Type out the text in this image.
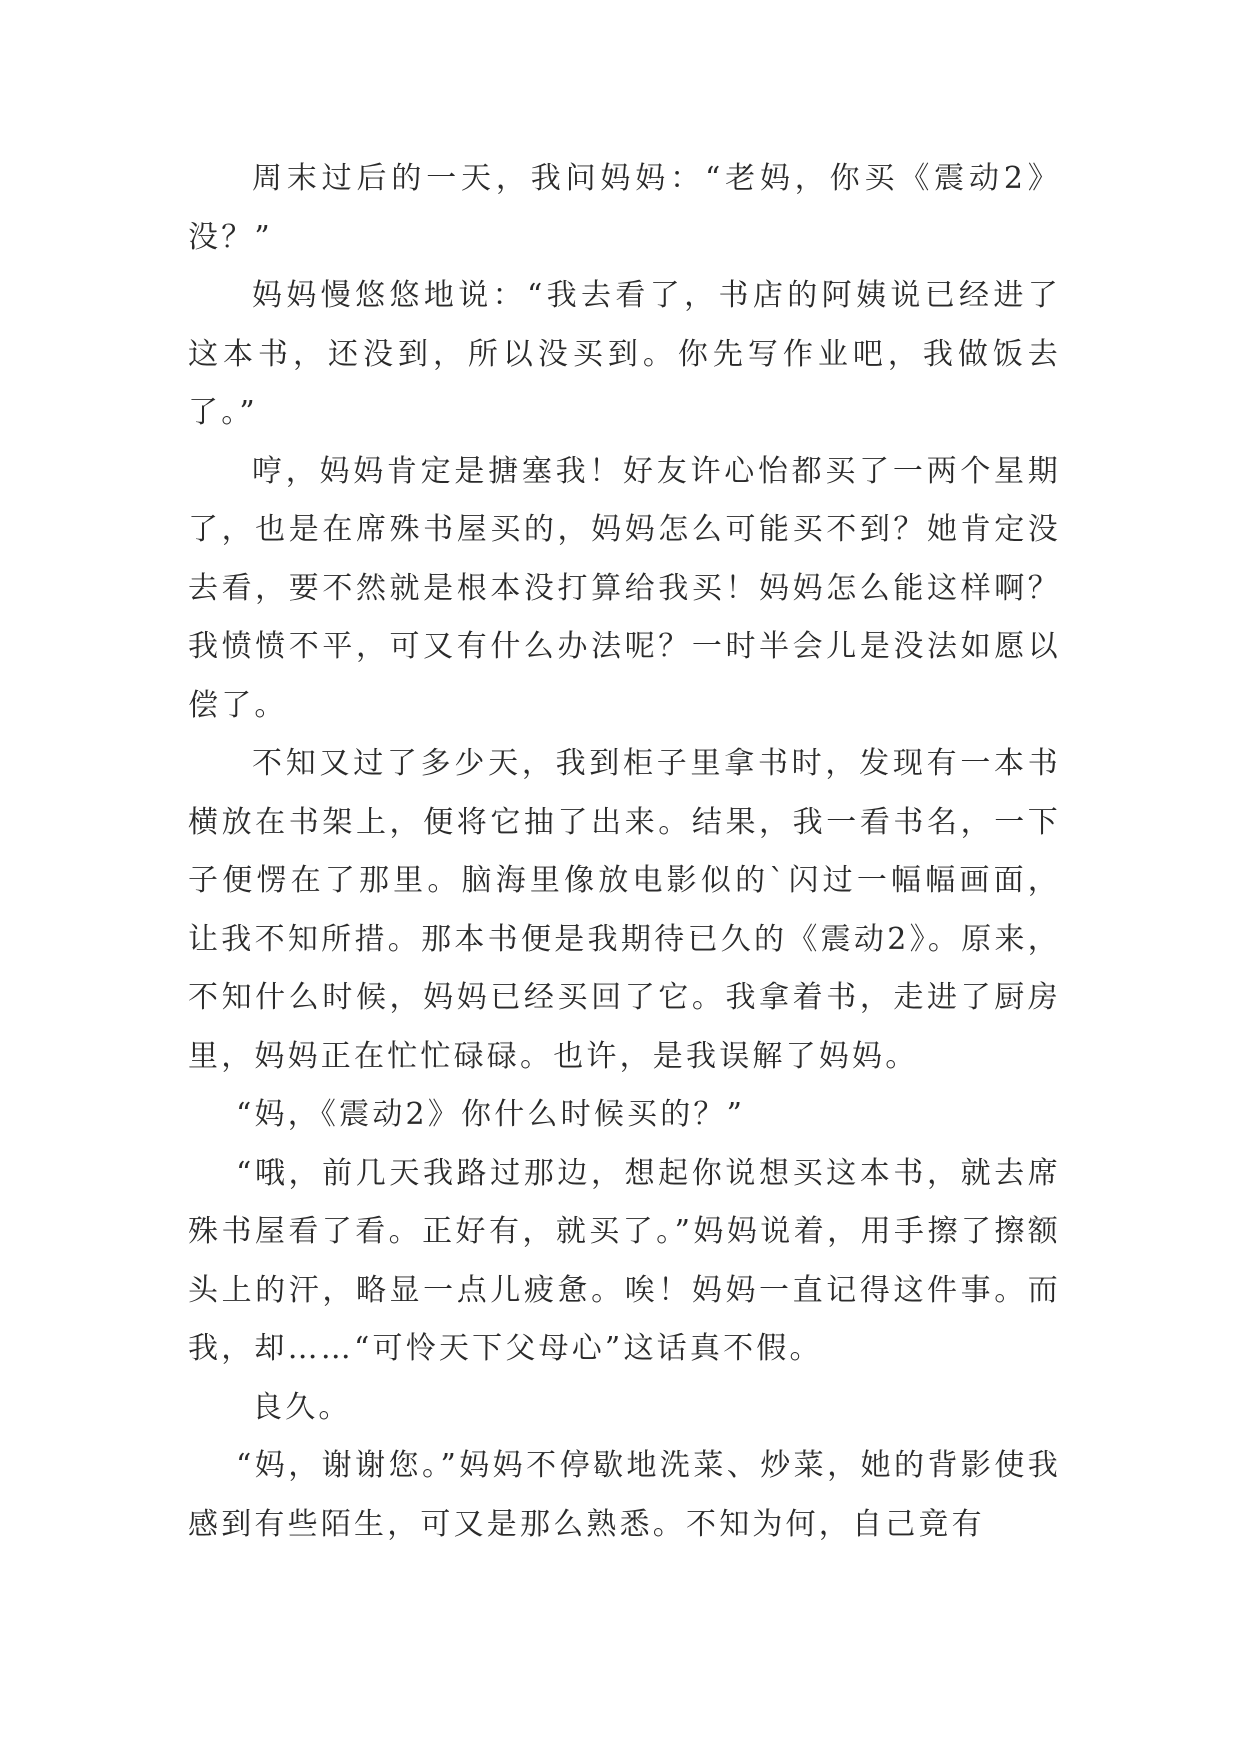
周末过后的一天，我问妈妈：“老妈，你买《震动2》没？”

妈妈慢悠悠地说：“我去看了，书店的阿姨说已经进了这本书，还没到，所以没买到。你先写作业吧，我做饭去了。”

哼，妈妈肯定是搪塞我！好友许心怡都买了一两个星期了，也是在席殊书屋买的，妈妈怎么可能买不到？她肯定没去看，要不然就是根本没打算给我买！妈妈怎么能这样啊？我愤愤不平，可又有什么办法呢？一时半会儿是没法如愿以偿了。

不知又过了多少天，我到柜子里拿书时，发现有一本书横放在书架上，便将它抽了出来。结果，我一看书名，一下子便愣在了那里。脑海里像放电影似的`闪过一幅幅画面，让我不知所措。那本书便是我期待已久的《震动2》。原来，不知什么时候，妈妈已经买回了它。我拿着书，走进了厨房里，妈妈正在忙忙碌碌。也许，是我误解了妈妈。

“妈，《震动2》你什么时候买的？”

“哦，前几天我路过那边，想起你说想买这本书，就去席殊书屋看了看。正好有，就买了。”妈妈说着，用手擦了擦额头上的汗，略显一点儿疲惫。唉！妈妈一直记得这件事。而我，却……“可怜天下父母心”这话真不假。

良久。

“妈，谢谢您。”妈妈不停歇地洗菜、炒菜，她的背影使我感到有些陌生，可又是那么熟悉。不知为何，自己竟有
